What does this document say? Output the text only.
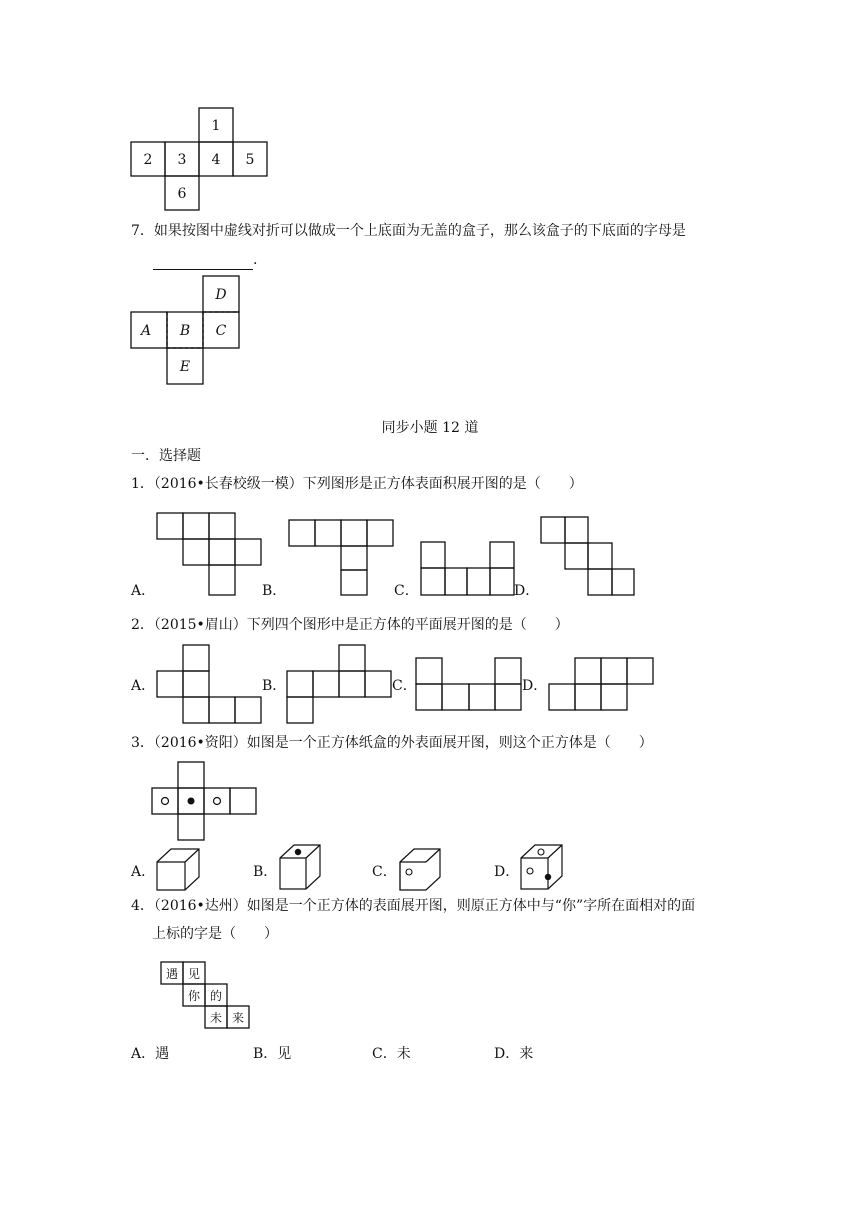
1
2 3 4 5
6
7．如果按图中虚线对折可以做成一个上底面为无盖的盒子，那么该盒子的下底面的字母是
.
D
A B C
E
同步小题 12 道
一．选择题
1．（2016•长春校级一模）下列图形是正方体表面积展开图的是（　　）
A．	B．	C．	D．
2．（2015•眉山）下列四个图形中是正方体的平面展开图的是（　　）
A．	B．	C．	D．
3．（2016•资阳）如图是一个正方体纸盒的外表面展开图，则这个正方体是（　　）
A．	B．	C．	D．
4．（2016•达州）如图是一个正方体的表面展开图，则原正方体中与“你”字所在面相对的面
上标的字是（　　）
遇 见
你 的
未 来
A．遇	B．见	C．未	D．来
